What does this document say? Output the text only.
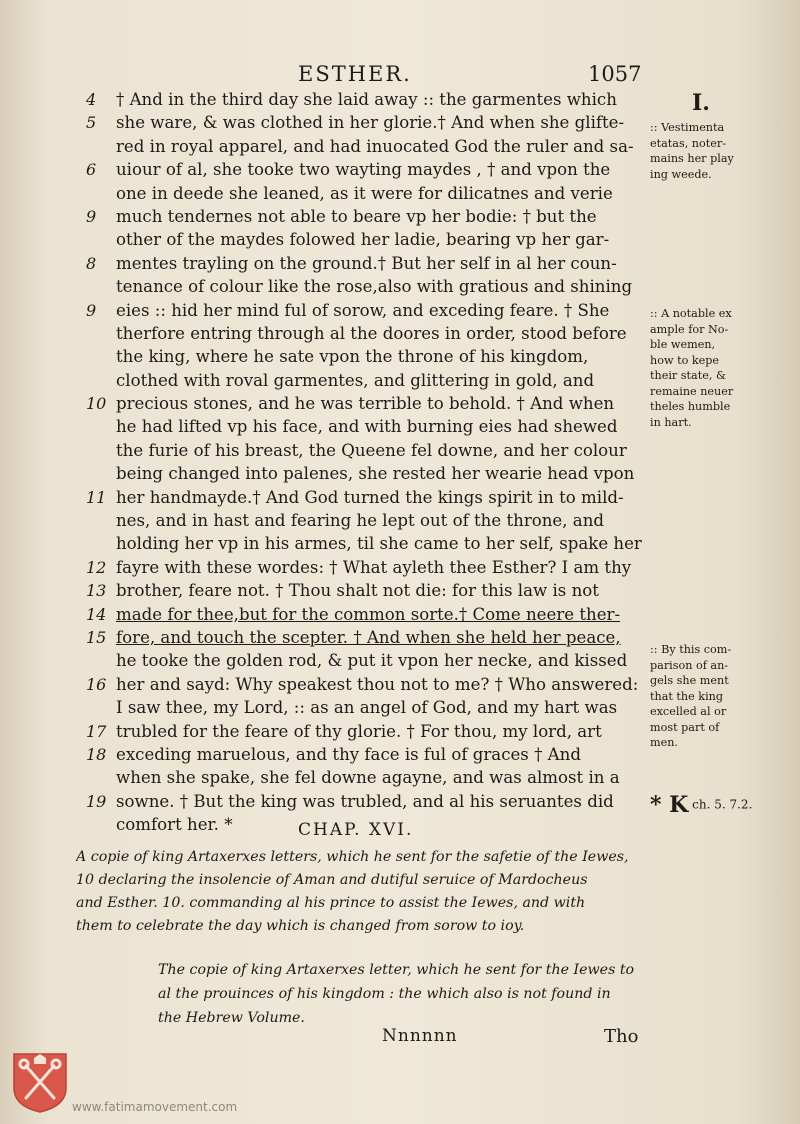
ESTHER.	1057
I.
4 † And in the third day she laid away :: the garmentes which
5 she ware, & was clothed in her glorie.† And when she glifte-
red in royal apparel, and had inuocated God the ruler and sa-
6 uiour of al, she tooke two wayting maydes , † and vpon the
one in deede she leaned, as it were for dilicatnes and verie
9 much tendernes not able to beare vp her bodie: † but the
other of the maydes folowed her ladie, bearing vp her gar-
8 mentes trayling on the ground.† But her self in al her coun-
tenance of colour like the rose,also with gratious and shining
9 eies :: hid her mind ful of sorow, and exceding feare. † She
therfore entring through al the doores in order, stood before
the king, where he sate vpon the throne of his kingdom,
clothed with roval garmentes, and glittering in gold, and
10 precious stones, and he was terrible to behold. † And when
he had lifted vp his face, and with burning eies had shewed
the furie of his breast, the Queene fel downe, and her colour
being changed into palenes, she rested her wearie head vpon
11 her handmayde.† And God turned the kings spirit in to mild-
nes, and in hast and fearing he lept out of the throne, and
holding her vp in his armes, til she came to her self, spake her
12 fayre with these wordes: † What ayleth thee Esther? I am thy
13 brother, feare not. † Thou shalt not die: for this law is not
14 made for thee,but for the common sorte.† Come neere ther-
15 fore, and touch the scepter. † And when she held her peace,
he tooke the golden rod, & put it vpon her necke, and kissed
16 her and sayd: Why speakest thou not to me? † Who answered:
I saw thee, my Lord, :: as an angel of God, and my hart was
17 trubled for the feare of thy glorie. † For thou, my lord, art
18 exceding maruelous, and thy face is ful of graces † And
when she spake, she fel downe agayne, and was almost in a
19 sowne. † But the king was trubled, and al his seruantes did
comfort her. *
:: Vestimenta
etatas, noter-
mains her play
ing weede.
:: A notable ex
ample for No-
ble wemen,
how to kepe
their state, &
remaine neuer
theles humble
in hart.
:: By this com-
parison of an-
gels she ment
that the king
excelled al or
most part of
men.
* K ch. 5. 7.2.
CHAP. XVI.
A copie of king Artaxerxes letters, which he sent for the safetie of the Iewes,
10 declaring the insolencie of Aman and dutiful seruice of Mardocheus
and Esther. 10. commanding al his prince to assist the Iewes, and with
them to celebrate the day which is changed from sorow to ioy.
The copie of king Artaxerxes letter, which he sent for the Iewes to
al the prouinces of his kingdom : the which also is not found in
the Hebrew Volume.
Nnnnnn	Tho
www.fatimamovement.com
